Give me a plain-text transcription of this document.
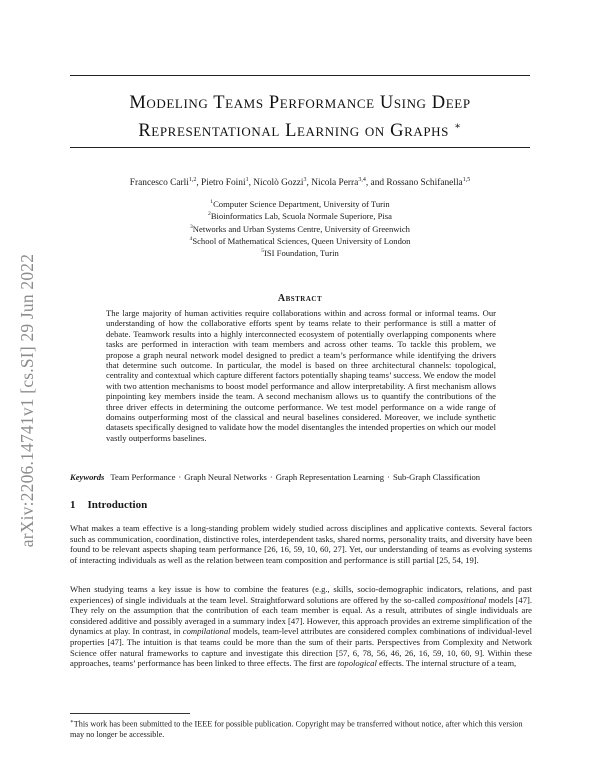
arXiv:2206.14741v1 [cs.SI] 29 Jun 2022
Modeling Teams Performance Using Deep
Representational Learning on Graphs ∗
Francesco Carli$^{1,2}$, Pietro Foini$^1$, Nicolò Gozzi$^3$, Nicola Perra$^{3,4}$, and Rossano Schifanella$^{1,5}$
$^1$Computer Science Department, University of Turin
$^2$Bioinformatics Lab, Scuola Normale Superiore, Pisa
$^3$Networks and Urban Systems Centre, University of Greenwich
$^4$School of Mathematical Sciences, Queen University of London
$^5$ISI Foundation, Turin
Abstract
The large majority of human activities require collaborations within and across formal or informal teams. Our understanding of how the collaborative efforts spent by teams relate to their performance is still a matter of debate. Teamwork results into a highly interconnected ecosystem of potentially overlapping components where tasks are performed in interaction with team members and across other teams. To tackle this problem, we propose a graph neural network model designed to predict a team’s performance while identifying the drivers that determine such outcome. In particular, the model is based on three architectural channels: topological, centrality and contextual which capture different factors potentially shaping teams’ success. We endow the model with two attention mechanisms to boost model performance and allow interpretability. A first mechanism allows pinpointing key members inside the team. A second mechanism allows us to quantify the contributions of the three driver effects in determining the outcome performance. We test model performance on a wide range of domains outperforming most of the classical and neural baselines considered. Moreover, we include synthetic datasets specifically designed to validate how the model disentangles the intended properties on which our model vastly outperforms baselines.
Keywords Team Performance · Graph Neural Networks · Graph Representation Learning · Sub-Graph Classification
1 Introduction
What makes a team effective is a long-standing problem widely studied across disciplines and applicative contexts. Several factors such as communication, coordination, distinctive roles, interdependent tasks, shared norms, personality traits, and diversity have been found to be relevant aspects shaping team performance [26, 16, 59, 10, 60, 27]. Yet, our understanding of teams as evolving systems of interacting individuals as well as the relation between team composition and performance is still partial [25, 54, 19].
When studying teams a key issue is how to combine the features (e.g., skills, socio-demographic indicators, relations, and past experiences) of single individuals at the team level. Straightforward solutions are offered by the so-called compositional models [47]. They rely on the assumption that the contribution of each team member is equal. As a result, attributes of single individuals are considered additive and possibly averaged in a summary index [47]. However, this approach provides an extreme simplification of the dynamics at play. In contrast, in compilational models, team-level attributes are considered complex combinations of individual-level properties [47]. The intuition is that teams could be more than the sum of their parts. Perspectives from Complexity and Network Science offer natural frameworks to capture and investigate this direction [57, 6, 78, 56, 46, 26, 16, 59, 10, 60, 9]. Within these approaches, teams’ performance has been linked to three effects. The first are topological effects. The internal structure of a team,
∗This work has been submitted to the IEEE for possible publication. Copyright may be transferred without notice, after which this version may no longer be accessible.
